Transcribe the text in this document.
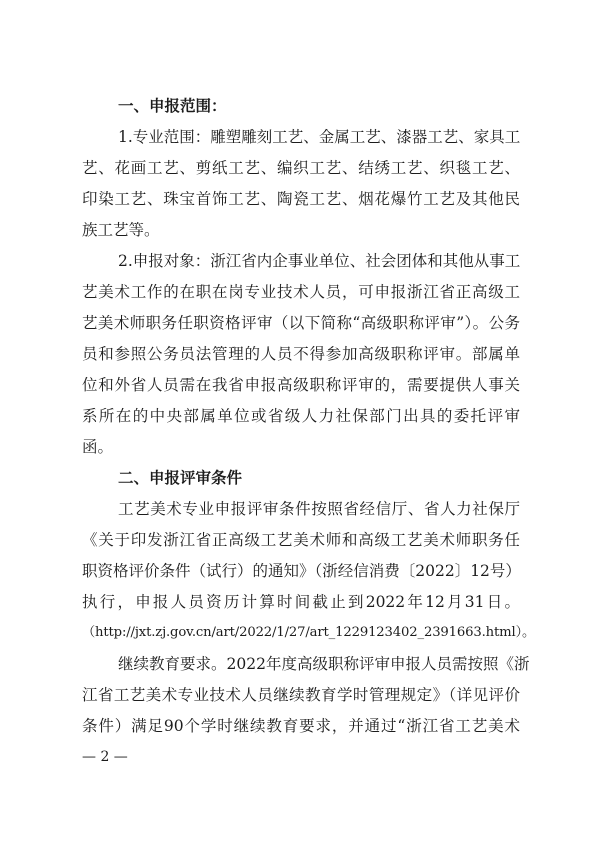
一、申报范围：
1.专业范围：雕塑雕刻工艺、金属工艺、漆器工艺、家具工
艺、花画工艺、剪纸工艺、编织工艺、结绣工艺、织毯工艺、
印染工艺、珠宝首饰工艺、陶瓷工艺、烟花爆竹工艺及其他民
族工艺等。
2.申报对象：浙江省内企事业单位、社会团体和其他从事工
艺美术工作的在职在岗专业技术人员，可申报浙江省正高级工
艺美术师职务任职资格评审（以下简称“高级职称评审”）。公务
员和参照公务员法管理的人员不得参加高级职称评审。部属单
位和外省人员需在我省申报高级职称评审的，需要提供人事关
系所在的中央部属单位或省级人力社保部门出具的委托评审
函。
二、申报评审条件
工艺美术专业申报评审条件按照省经信厅、省人力社保厅
《关于印发浙江省正高级工艺美术师和高级工艺美术师职务任
职资格评价条件（试行）的通知》（浙经信消费〔2022〕12号）
执行，申报人员资历计算时间截止到2022年12月31日。
（http://jxt.zj.gov.cn/art/2022/1/27/art_1229123402_2391663.html）。
继续教育要求。2022年度高级职称评审申报人员需按照《浙
江省工艺美术专业技术人员继续教育学时管理规定》（详见评价
条件）满足90个学时继续教育要求，并通过“浙江省工艺美术
— 2 —
